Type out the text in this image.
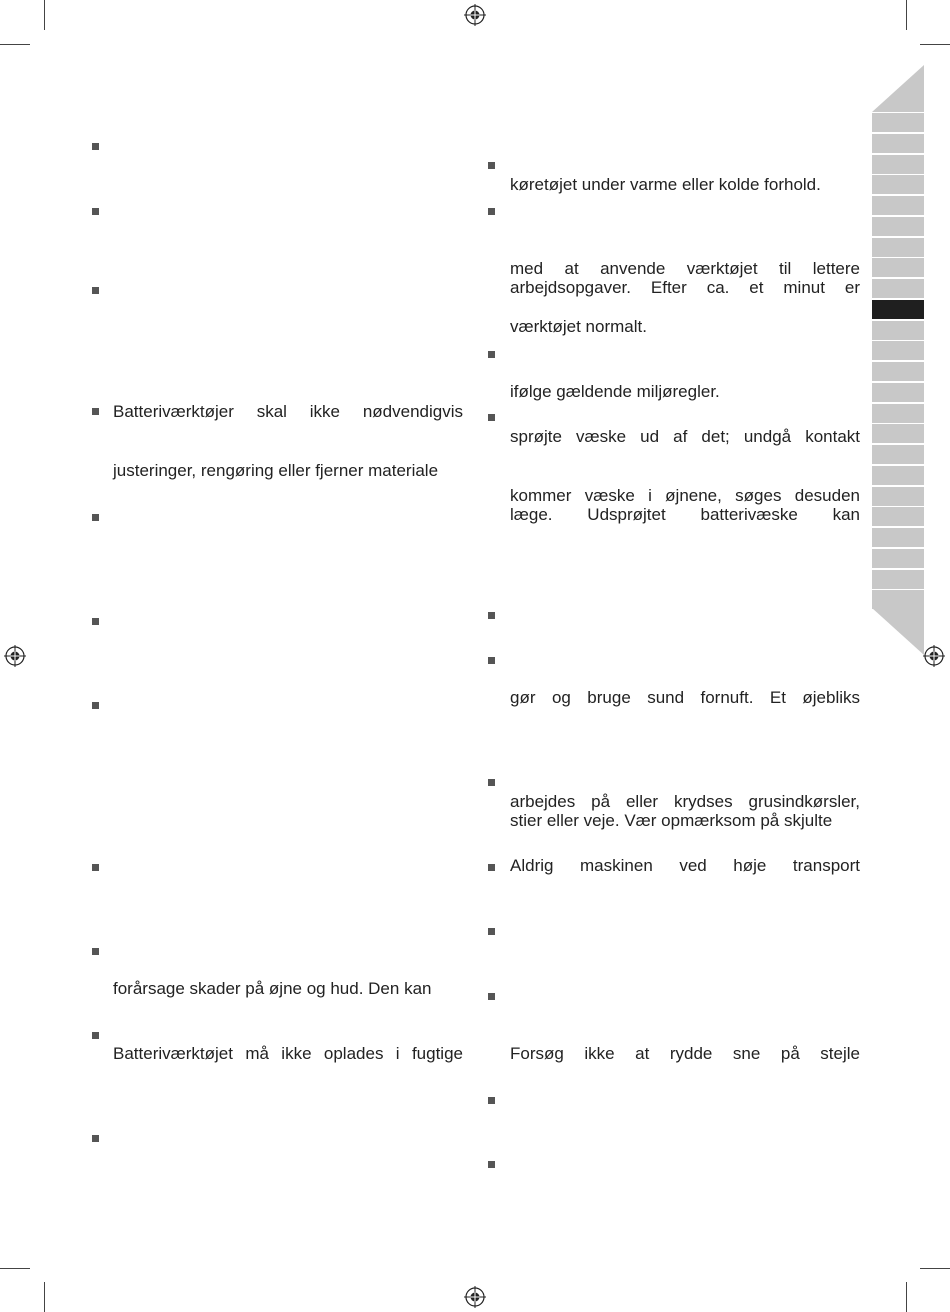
Batteriværktøjer skal ikke nødvendigvis
justeringer, rengøring eller fjerner materiale
forårsage skader på øjne og hud. Den kan
Batteriværktøjet må ikke oplades i fugtige
køretøjet under varme eller kolde forhold.
med at anvende værktøjet til lettere
arbejdsopgaver. Efter ca. et minut er
værktøjet normalt.
ifølge gældende miljøregler.
sprøjte væske ud af det; undgå kontakt
kommer væske i øjnene, søges desuden
læge. Udsprøjtet batterivæske kan
gør og bruge sund fornuft. Et øjebliks
arbejdes på eller krydses grusindkørsler,
stier eller veje. Vær opmærksom på skjulte
Aldrig maskinen ved høje transport
Forsøg ikke at rydde sne på stejle
